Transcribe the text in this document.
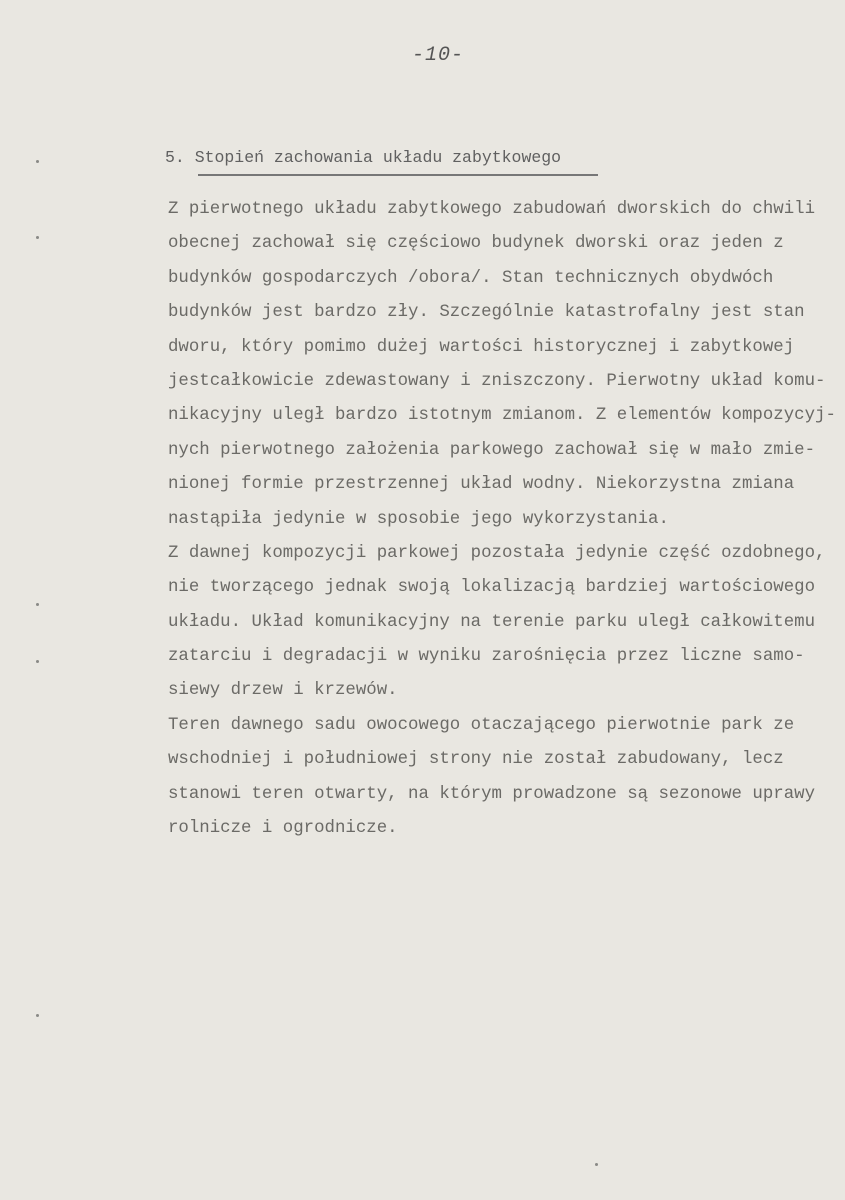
-10-
5. Stopień zachowania układu zabytkowego
Z pierwotnego układu zabytkowego zabudowań dworskich do chwili
obecnej zachował się częściowo budynek dworski oraz jeden z
budynków gospodarczych /obora/. Stan technicznych obydwóch
budynków jest bardzo zły. Szczególnie katastrofalny jest stan
dworu, który pomimo dużej wartości historycznej i zabytkowej
jestcałkowicie zdewastowany i zniszczony. Pierwotny układ komu-
nikacyjny uległ bardzo istotnym zmianom. Z elementów kompozycyj-
nych pierwotnego założenia parkowego zachował się w mało zmie-
nionej formie przestrzennej układ wodny. Niekorzystna zmiana
nastąpiła jedynie w sposobie jego wykorzystania.
Z dawnej kompozycji parkowej pozostała jedynie część ozdobnego,
nie tworzącego jednak swoją lokalizacją bardziej wartościowego
układu. Układ komunikacyjny na terenie parku uległ całkowitemu
zatarciu i degradacji w wyniku zarośnięcia przez liczne samo-
siewy drzew i krzewów.
Teren dawnego sadu owocowego otaczającego pierwotnie park ze
wschodniej i południowej strony nie został zabudowany, lecz
stanowi teren otwarty, na którym prowadzone są sezonowe uprawy
rolnicze i ogrodnicze.
